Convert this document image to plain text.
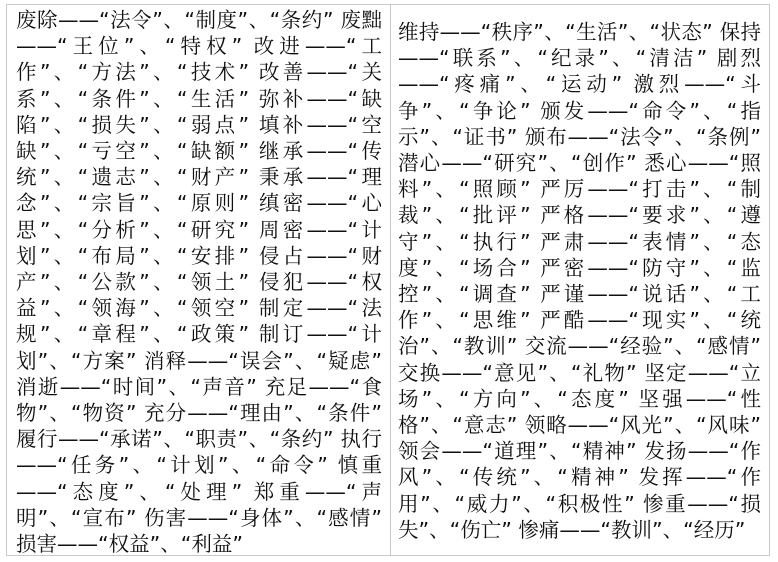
废除——“法令”、“制度”、“条约” 废黜——“王位”、“特权” 改进——“工作”、“方法”、“技术” 改善——“关系”、“条件”、“生活” 弥补——“缺陷”、“损失”、“弱点” 填补——“空缺”、“亏空”、“缺额” 继承——“传统”、“遗志”、“财产” 秉承——“理念”、“宗旨”、“原则” 缜密——“心思”、“分析”、“研究” 周密——“计划”、“布局”、“安排” 侵占——“财产”、“公款”、“领土” 侵犯——“权益”、“领海”、“领空” 制定——“法规”、“章程”、“政策” 制订——“计划”、“方案” 消释——“误会”、“疑虑” 消逝——“时间”、“声音” 充足——“食物”、“物资” 充分——“理由”、“条件” 履行——“承诺”、“职责”、“条约” 执行——“任务”、“计划”、“命令” 慎重——“态度”、“处理” 郑重——“声明”、“宣布” 伤害——“身体”、“感情” 损害——“权益”、“利益”

维持——“秩序”、“生活”、“状态” 保持——“联系”、“纪录”、“清洁” 剧烈——“疼痛”、“运动” 激烈——“斗争”、“争论” 颁发——“命令”、“指示”、“证书” 颁布——“法令”、“条例” 潜心——“研究”、“创作” 悉心——“照料”、“照顾” 严厉——“打击”、“制裁”、“批评” 严格——“要求”、“遵守”、“执行” 严肃——“表情”、“态度”、“场合” 严密——“防守”、“监控”、“调查” 严谨——“说话”、“工作”、“思维” 严酷——“现实”、“统治”、“教训” 交流——“经验”、“感情” 交换——“意见”、“礼物” 坚定——“立场”、“方向”、“态度” 坚强——“性格”、“意志” 领略——“风光”、“风味” 领会——“道理”、“精神” 发扬——“作风”、“传统”、“精神” 发挥——“作用”、“威力”、“积极性” 惨重——“损失”、“伤亡” 惨痛——“教训”、“经历”
